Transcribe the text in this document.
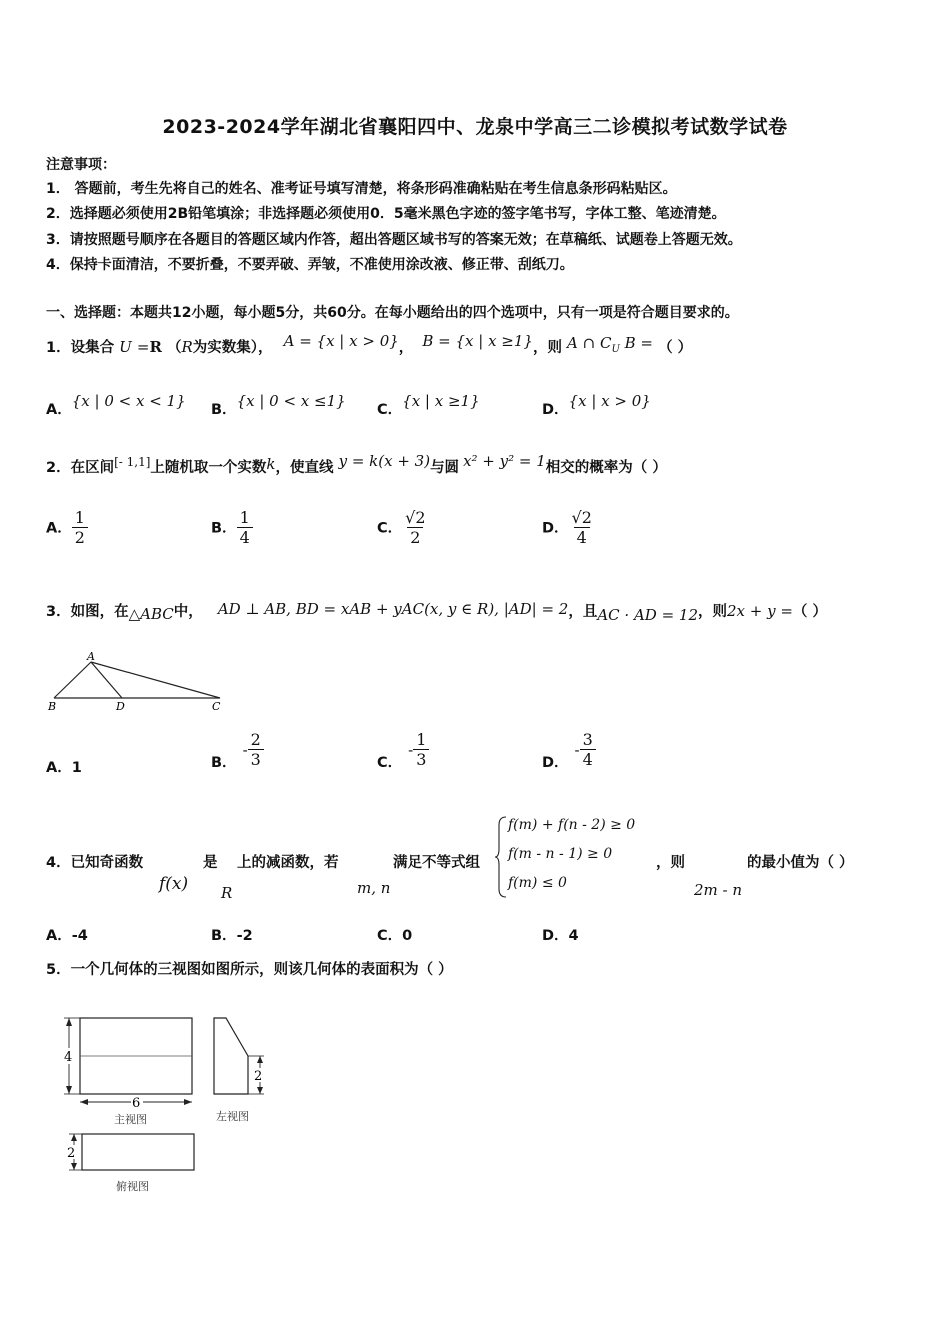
2023-2024学年湖北省襄阳四中、龙泉中学高三二诊模拟考试数学试卷
注意事项：
1． 答题前，考生先将自己的姓名、准考证号填写清楚，将条形码准确粘贴在考生信息条形码粘贴区。
2．选择题必须使用2B铅笔填涂；非选择题必须使用0．5毫米黑色字迹的签字笔书写，字体工整、笔迹清楚。
3．请按照题号顺序在各题目的答题区域内作答，超出答题区域书写的答案无效；在草稿纸、试题卷上答题无效。
4．保持卡面清洁，不要折叠，不要弄破、弄皱，不准使用涂改液、修正带、刮纸刀。
一、选择题：本题共12小题，每小题5分，共60分。在每小题给出的四个选项中，只有一项是符合题目要求的。
1．设集合 U =R （R为实数集）， A = {x | x > 0}， B = {x | x ≥1}，则 A ∩ $C_U$ B = （ ）
A．{x | 0 < x < 1} B．{x | 0 < x ≤1} C．{x | x ≥1}	D．{x | x > 0}
2．在区间[- 1,1]上随机取一个实数k，使直线 y = k(x + 3)与圆 x² + y² = 1相交的概率为（ ）
A． $\frac{1}{2}$	B． $\frac{1}{4}$	C． $\frac{√2}{2}$	D． $\frac{√2}{4}$
3．如图，在△ABC中， AD ⊥ AB, BD = xAB + yAC(x, y ∈ R), |AD| = 2，且AC · AD = 12，则2x + y =（ ）
A
B	D	C
A．1	B．- $\frac{2}{3}$	C．- $\frac{1}{3}$	D．- $\frac{3}{4}$
4．已知奇函数	是 上的减函数，若	满足不等式组	，则	的最小值为（ ）
f(x) R	m, n	2m - n
f(m) + f(n - 2) ≥ 0
f(m - n - 1) ≥ 0
f(m) ≤ 0
A．-4	B．-2	C．0	D．4
5．一个几何体的三视图如图所示，则该几何体的表面积为（ ）
4
6
主视图
2
左视图
2
俯视图
